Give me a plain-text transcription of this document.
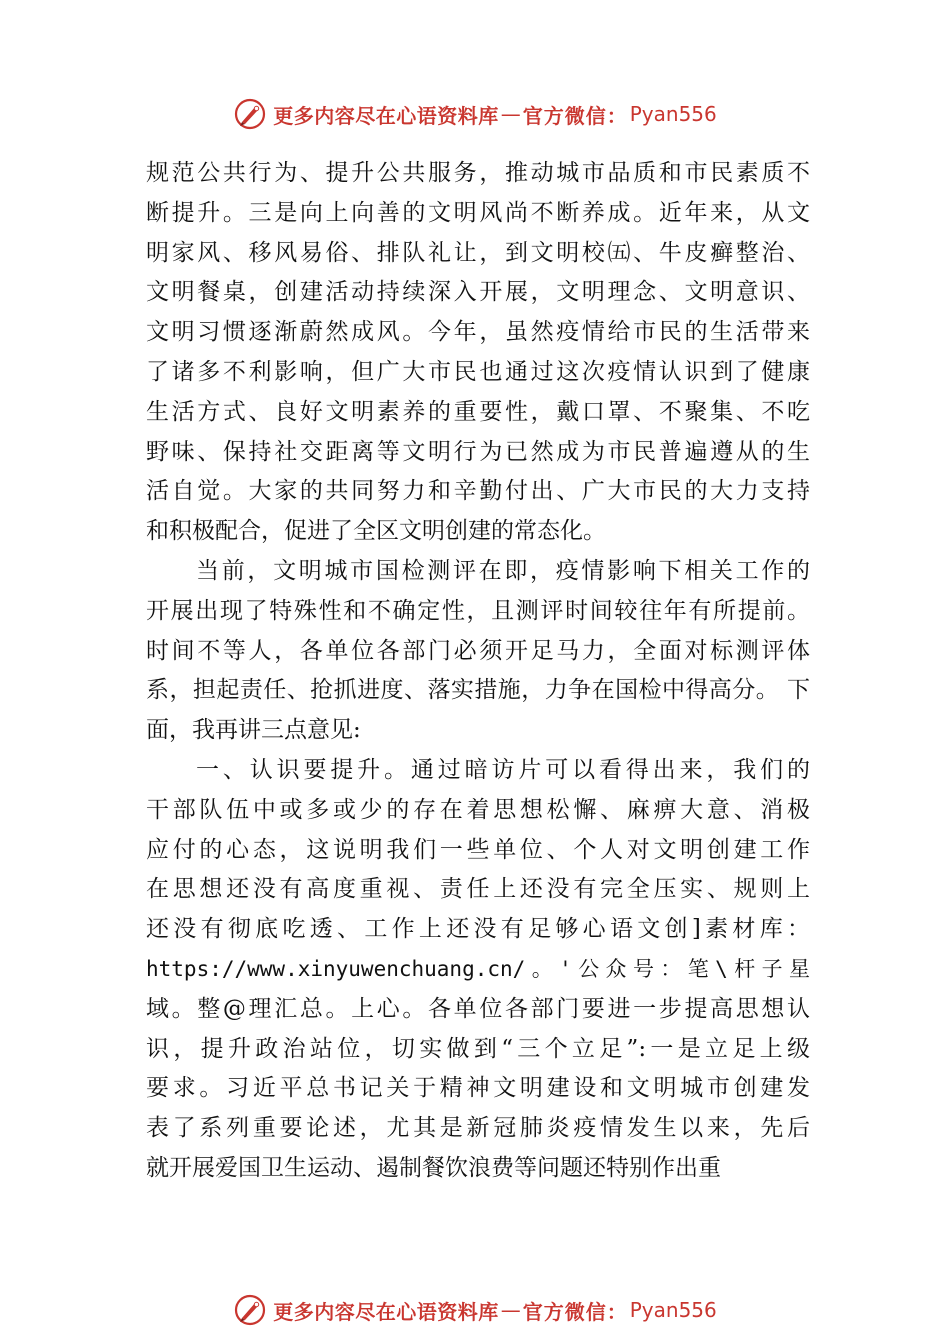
更多内容尽在心语资料库 — 官方微信： Pyan556
规范公共行为、提升公共服务，推动城市品质和市民素质不
断提升。三是向上向善的文明风尚不断养成。近年来，从文
明家风、移风易俗、排队礼让，到文明校㈤、牛皮癣整治、
文明餐桌，创建活动持续深入开展，文明理念、文明意识、
文明习惯逐渐蔚然成风。今年，虽然疫情给市民的生活带来
了诸多不利影响，但广大市民也通过这次疫情认识到了健康
生活方式、良好文明素养的重要性，戴口罩、不聚集、不吃
野味、保持社交距离等文明行为已然成为市民普遍遵从的生
活自觉。大家的共同努力和辛勤付出、广大市民的大力支持
和积极配合，促进了全区文明创建的常态化。
当前，文明城市国检测评在即，疫情影响下相关工作的
开展出现了特殊性和不确定性，且测评时间较往年有所提前。
时间不等人，各单位各部门必须开足马力，全面对标测评体
系，担起责任、抢抓进度、落实措施，力争在国检中得高分。 下
面，我再讲三点意见:
一、认识要提升。通过暗访片可以看得出来，我们的
干部队伍中或多或少的存在着思想松懈、麻痹大意、消极
应付的心态，这说明我们一些单位、个人对文明创建工作
在思想还没有高度重视、责任上还没有完全压实、规则上
还没有彻底吃透、工作上还没有足够心语文创]素材库：
https://www.xinyuwenchuang.cn/。'公众号：笔\杆子星
域。整@理汇总。上心。各单位各部门要进一步提高思想认
识，提升政治站位，切实做到“三个立足”:一是立足上级
要求。习近平总书记关于精神文明建设和文明城市创建发
表了系列重要论述，尤其是新冠肺炎疫情发生以来，先后
就开展爱国卫生运动、遏制餐饮浪费等问题还特别作出重
更多内容尽在心语资料库 — 官方微信： Pyan556
